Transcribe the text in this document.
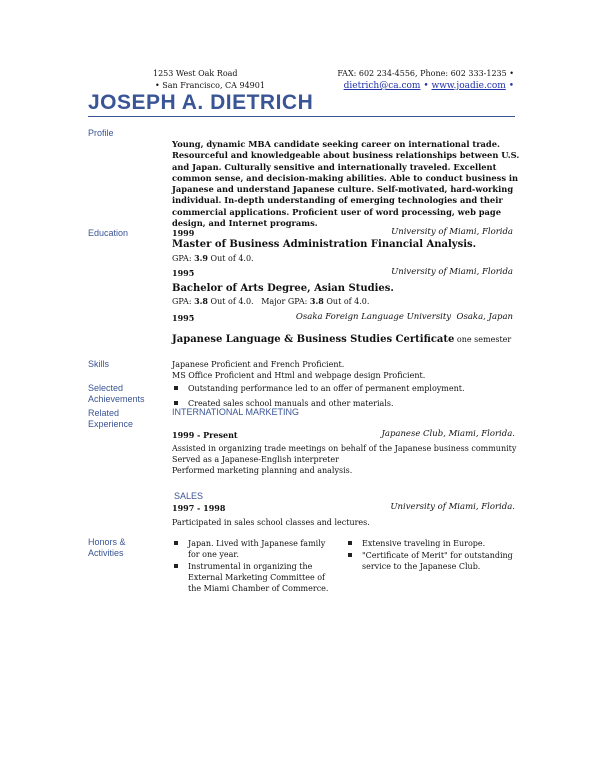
1253 West Oak Road
• San Francisco, CA 94901
FAX: 602 234-4556, Phone: 602 333-1235 •
dietrich@ca.com • www.joadie.com •
JOSEPH A. DIETRICH
Profile
Young, dynamic MBA candidate seeking career on international trade. Resourceful and knowledgeable about business relationships between U.S. and Japan. Culturally sensitive and internationally traveled. Excellent common sense, and decision-making abilities. Able to conduct business in Japanese and understand Japanese culture. Self-motivated, hard-working individual. In-depth understanding of emerging technologies and their commercial applications. Proficient user of word processing, web page design, and Internet programs.
Education	1999	University of Miami, Florida
Master of Business Administration Financial Analysis.
GPA: 3.9 Out of 4.0.
1995	University of Miami, Florida
Bachelor of Arts Degree, Asian Studies.
GPA: 3.8 Out of 4.0.   Major GPA: 3.8 Out of 4.0.
1995	Osaka Foreign Language University  Osaka, Japan
Japanese Language & Business Studies Certificate one semester
Skills	Japanese Proficient and French Proficient.
MS Office Proficient and Html and webpage design Proficient.
Selected
Achievements
Outstanding performance led to an offer of permanent employment.
Created sales school manuals and other materials.
Related
Experience
INTERNATIONAL MARKETING
1999 - Present	Japanese Club, Miami, Florida.
Assisted in organizing trade meetings on behalf of the Japanese business community
Served as a Japanese-English interpreter
Performed marketing planning and analysis.
SALES
1997 - 1998	University of Miami, Florida.
Participated in sales school classes and lectures.
Honors &
Activities
Japan. Lived with Japanese family for one year.
Instrumental in organizing the External Marketing Committee of the Miami Chamber of Commerce.
Extensive traveling in Europe.
"Certificate of Merit" for outstanding service to the Japanese Club.
